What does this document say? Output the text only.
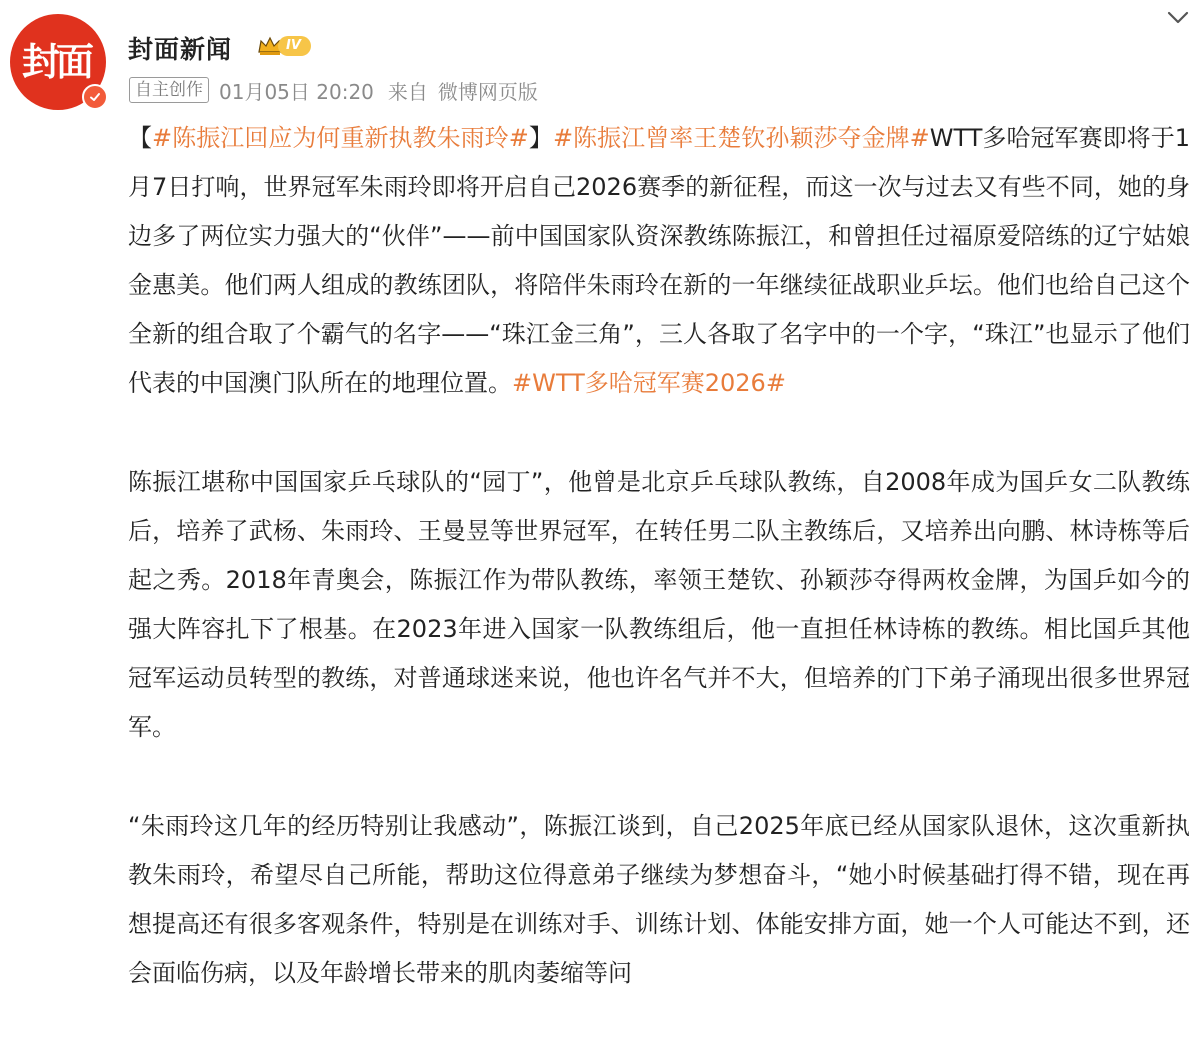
封面 封面新闻	IV
自主创作 01月05日 20:20 来自 微博网页版

【#陈振江回应为何重新执教朱雨玲#】#陈振江曾率王楚钦孙颖莎夺金牌#WTT多哈冠军赛即将于1月7日打响，世界冠军朱雨玲即将开启自己2026赛季的新征程，而这一次与过去又有些不同，她的身边多了两位实力强大的“伙伴”——前中国国家队资深教练陈振江，和曾担任过福原爱陪练的辽宁姑娘金惠美。他们两人组成的教练团队，将陪伴朱雨玲在新的一年继续征战职业乒坛。他们也给自己这个全新的组合取了个霸气的名字——“珠江金三角”，三人各取了名字中的一个字，“珠江”也显示了他们代表的中国澳门队所在的地理位置。#WTT多哈冠军赛2026#

陈振江堪称中国国家乒乓球队的“园丁”，他曾是北京乒乓球队教练，自2008年成为国乒女二队教练后，培养了武杨、朱雨玲、王曼昱等世界冠军，在转任男二队主教练后，又培养出向鹏、林诗栋等后起之秀。2018年青奥会，陈振江作为带队教练，率领王楚钦、孙颖莎夺得两枚金牌，为国乒如今的强大阵容扎下了根基。在2023年进入国家一队教练组后，他一直担任林诗栋的教练。相比国乒其他冠军运动员转型的教练，对普通球迷来说，他也许名气并不大，但培养的门下弟子涌现出很多世界冠军。

“朱雨玲这几年的经历特别让我感动”，陈振江谈到，自己2025年底已经从国家队退休，这次重新执教朱雨玲，希望尽自己所能，帮助这位得意弟子继续为梦想奋斗，“她小时候基础打得不错，现在再想提高还有很多客观条件，特别是在训练对手、训练计划、体能安排方面，她一个人可能达不到，还会面临伤病，以及年龄增长带来的肌肉萎缩等问
